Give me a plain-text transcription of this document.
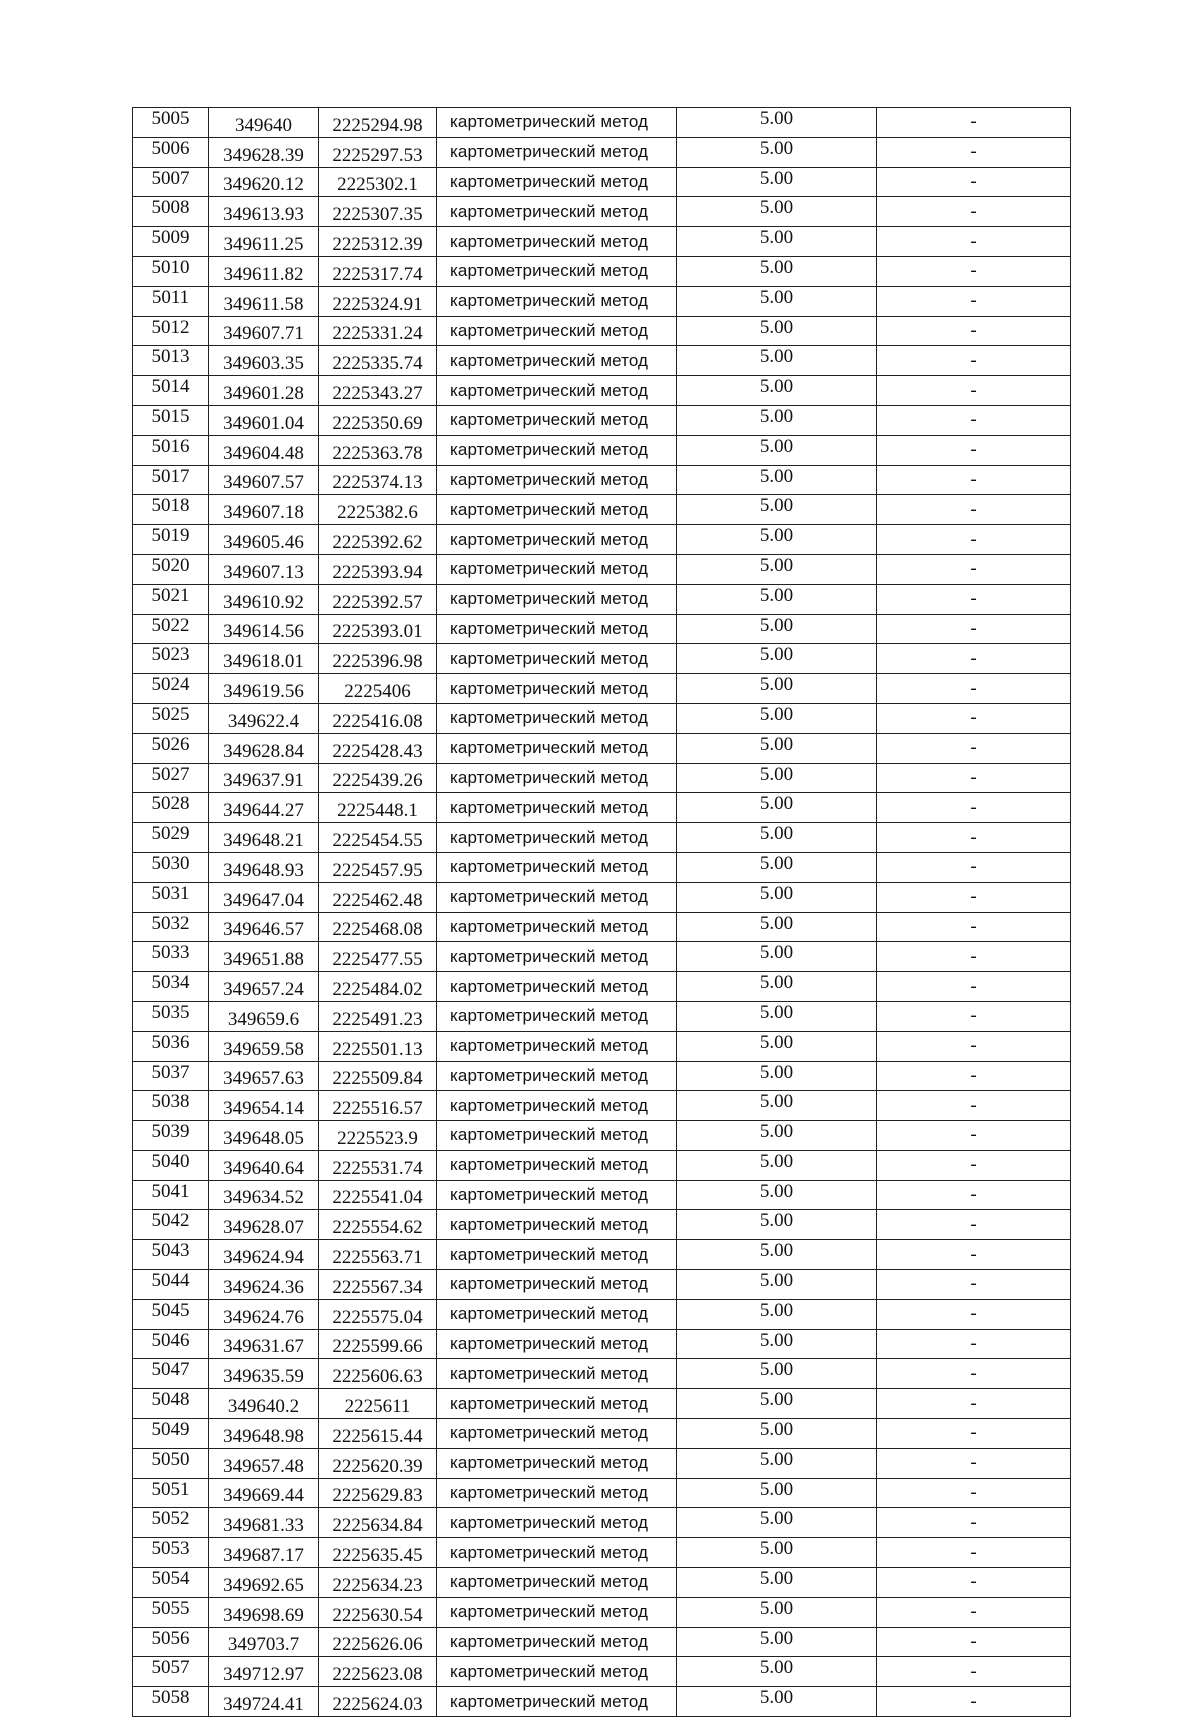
5005	349640	2225294.98	картометрический метод	5.00	-
5006	349628.39	2225297.53	картометрический метод	5.00	-
5007	349620.12	2225302.1	картометрический метод	5.00	-
5008	349613.93	2225307.35	картометрический метод	5.00	-
5009	349611.25	2225312.39	картометрический метод	5.00	-
5010	349611.82	2225317.74	картометрический метод	5.00	-
5011	349611.58	2225324.91	картометрический метод	5.00	-
5012	349607.71	2225331.24	картометрический метод	5.00	-
5013	349603.35	2225335.74	картометрический метод	5.00	-
5014	349601.28	2225343.27	картометрический метод	5.00	-
5015	349601.04	2225350.69	картометрический метод	5.00	-
5016	349604.48	2225363.78	картометрический метод	5.00	-
5017	349607.57	2225374.13	картометрический метод	5.00	-
5018	349607.18	2225382.6	картометрический метод	5.00	-
5019	349605.46	2225392.62	картометрический метод	5.00	-
5020	349607.13	2225393.94	картометрический метод	5.00	-
5021	349610.92	2225392.57	картометрический метод	5.00	-
5022	349614.56	2225393.01	картометрический метод	5.00	-
5023	349618.01	2225396.98	картометрический метод	5.00	-
5024	349619.56	2225406	картометрический метод	5.00	-
5025	349622.4	2225416.08	картометрический метод	5.00	-
5026	349628.84	2225428.43	картометрический метод	5.00	-
5027	349637.91	2225439.26	картометрический метод	5.00	-
5028	349644.27	2225448.1	картометрический метод	5.00	-
5029	349648.21	2225454.55	картометрический метод	5.00	-
5030	349648.93	2225457.95	картометрический метод	5.00	-
5031	349647.04	2225462.48	картометрический метод	5.00	-
5032	349646.57	2225468.08	картометрический метод	5.00	-
5033	349651.88	2225477.55	картометрический метод	5.00	-
5034	349657.24	2225484.02	картометрический метод	5.00	-
5035	349659.6	2225491.23	картометрический метод	5.00	-
5036	349659.58	2225501.13	картометрический метод	5.00	-
5037	349657.63	2225509.84	картометрический метод	5.00	-
5038	349654.14	2225516.57	картометрический метод	5.00	-
5039	349648.05	2225523.9	картометрический метод	5.00	-
5040	349640.64	2225531.74	картометрический метод	5.00	-
5041	349634.52	2225541.04	картометрический метод	5.00	-
5042	349628.07	2225554.62	картометрический метод	5.00	-
5043	349624.94	2225563.71	картометрический метод	5.00	-
5044	349624.36	2225567.34	картометрический метод	5.00	-
5045	349624.76	2225575.04	картометрический метод	5.00	-
5046	349631.67	2225599.66	картометрический метод	5.00	-
5047	349635.59	2225606.63	картометрический метод	5.00	-
5048	349640.2	2225611	картометрический метод	5.00	-
5049	349648.98	2225615.44	картометрический метод	5.00	-
5050	349657.48	2225620.39	картометрический метод	5.00	-
5051	349669.44	2225629.83	картометрический метод	5.00	-
5052	349681.33	2225634.84	картометрический метод	5.00	-
5053	349687.17	2225635.45	картометрический метод	5.00	-
5054	349692.65	2225634.23	картометрический метод	5.00	-
5055	349698.69	2225630.54	картометрический метод	5.00	-
5056	349703.7	2225626.06	картометрический метод	5.00	-
5057	349712.97	2225623.08	картометрический метод	5.00	-
5058	349724.41	2225624.03	картометрический метод	5.00	-
